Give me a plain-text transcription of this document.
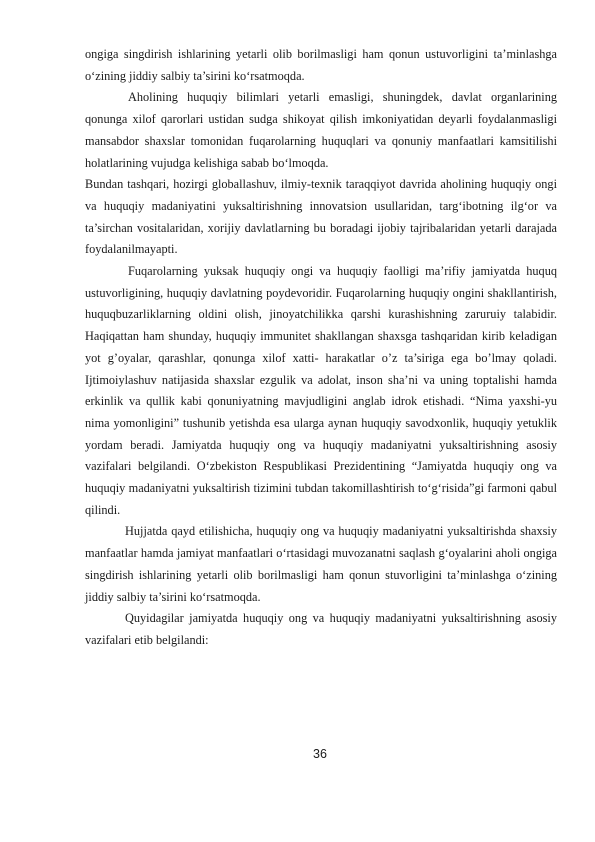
ongiga singdirish ishlarining yetarli olib borilmasligi ham qonun ustuvorligini ta’minlashga o‘zining jiddiy salbiy ta’sirini ko‘rsatmoqda.

Aholining huquqiy bilimlari yetarli emasligi, shuningdek, davlat organlarining qonunga xilof qarorlari ustidan sudga shikoyat qilish imkoniyatidan deyarli foydalanmasligi mansabdor shaxslar tomonidan fuqarolarning huquqlari va qonuniy manfaatlari kamsitilishi holatlarining vujudga kelishiga sabab bo‘lmoqda.

Bundan tashqari, hozirgi globallashuv, ilmiy-texnik taraqqiyot davrida aholining huquqiy ongi va huquqiy madaniyatini yuksaltirishning innovatsion usullaridan, targ‘ibotning ilg‘or va ta’sirchan vositalaridan, xorijiy davlatlarning bu boradagi ijobiy tajribalaridan yetarli darajada foydalanilmayapti.

Fuqarolarning yuksak huquqiy ongi va huquqiy faolligi ma’rifiy jamiyatda huquq ustuvorligining, huquqiy davlatning poydevoridir. Fuqarolarning huquqiy ongini shakllantirish, huquqbuzarliklarning oldini olish, jinoyatchilikka qarshi kurashishning zaruruiy talabidir. Haqiqattan ham shunday, huquqiy immunitet shakllangan shaxsga tashqaridan kirib keladigan yot g’oyalar, qarashlar, qonunga xilof xatti- harakatlar o’z ta’siriga ega bo’lmay qoladi. Ijtimoiylashuv natijasida shaxslar ezgulik va adolat, inson sha’ni va uning toptalishi hamda erkinlik va qullik kabi qonuniyatning mavjudligini anglab idrok etishadi. “Nima yaxshi-yu nima yomonligini” tushunib yetishda esa ularga aynan huquqiy savodxonlik, huquqiy yetuklik yordam beradi. Jamiyatda huquqiy ong va huquqiy madaniyatni yuksaltirishning asosiy vazifalari belgilandi. O‘zbekiston Respublikasi Prezidentining “Jamiyatda huquqiy ong va huquqiy madaniyatni yuksaltirish tizimini tubdan takomillashtirish to‘g‘risida”gi farmoni qabul qilindi.

Hujjatda qayd etilishicha, huquqiy ong va huquqiy madaniyatni yuksaltirishda shaxsiy manfaatlar hamda jamiyat manfaatlari o‘rtasidagi muvozanatni saqlash g‘oyalarini aholi ongiga singdirish ishlarining yetarli olib borilmasligi ham qonun stuvorligini ta’minlashga o‘zining jiddiy salbiy ta’sirini ko‘rsatmoqda.

Quyidagilar jamiyatda huquqiy ong va huquqiy madaniyatni yuksaltirishning asosiy vazifalari etib belgilandi:

36
